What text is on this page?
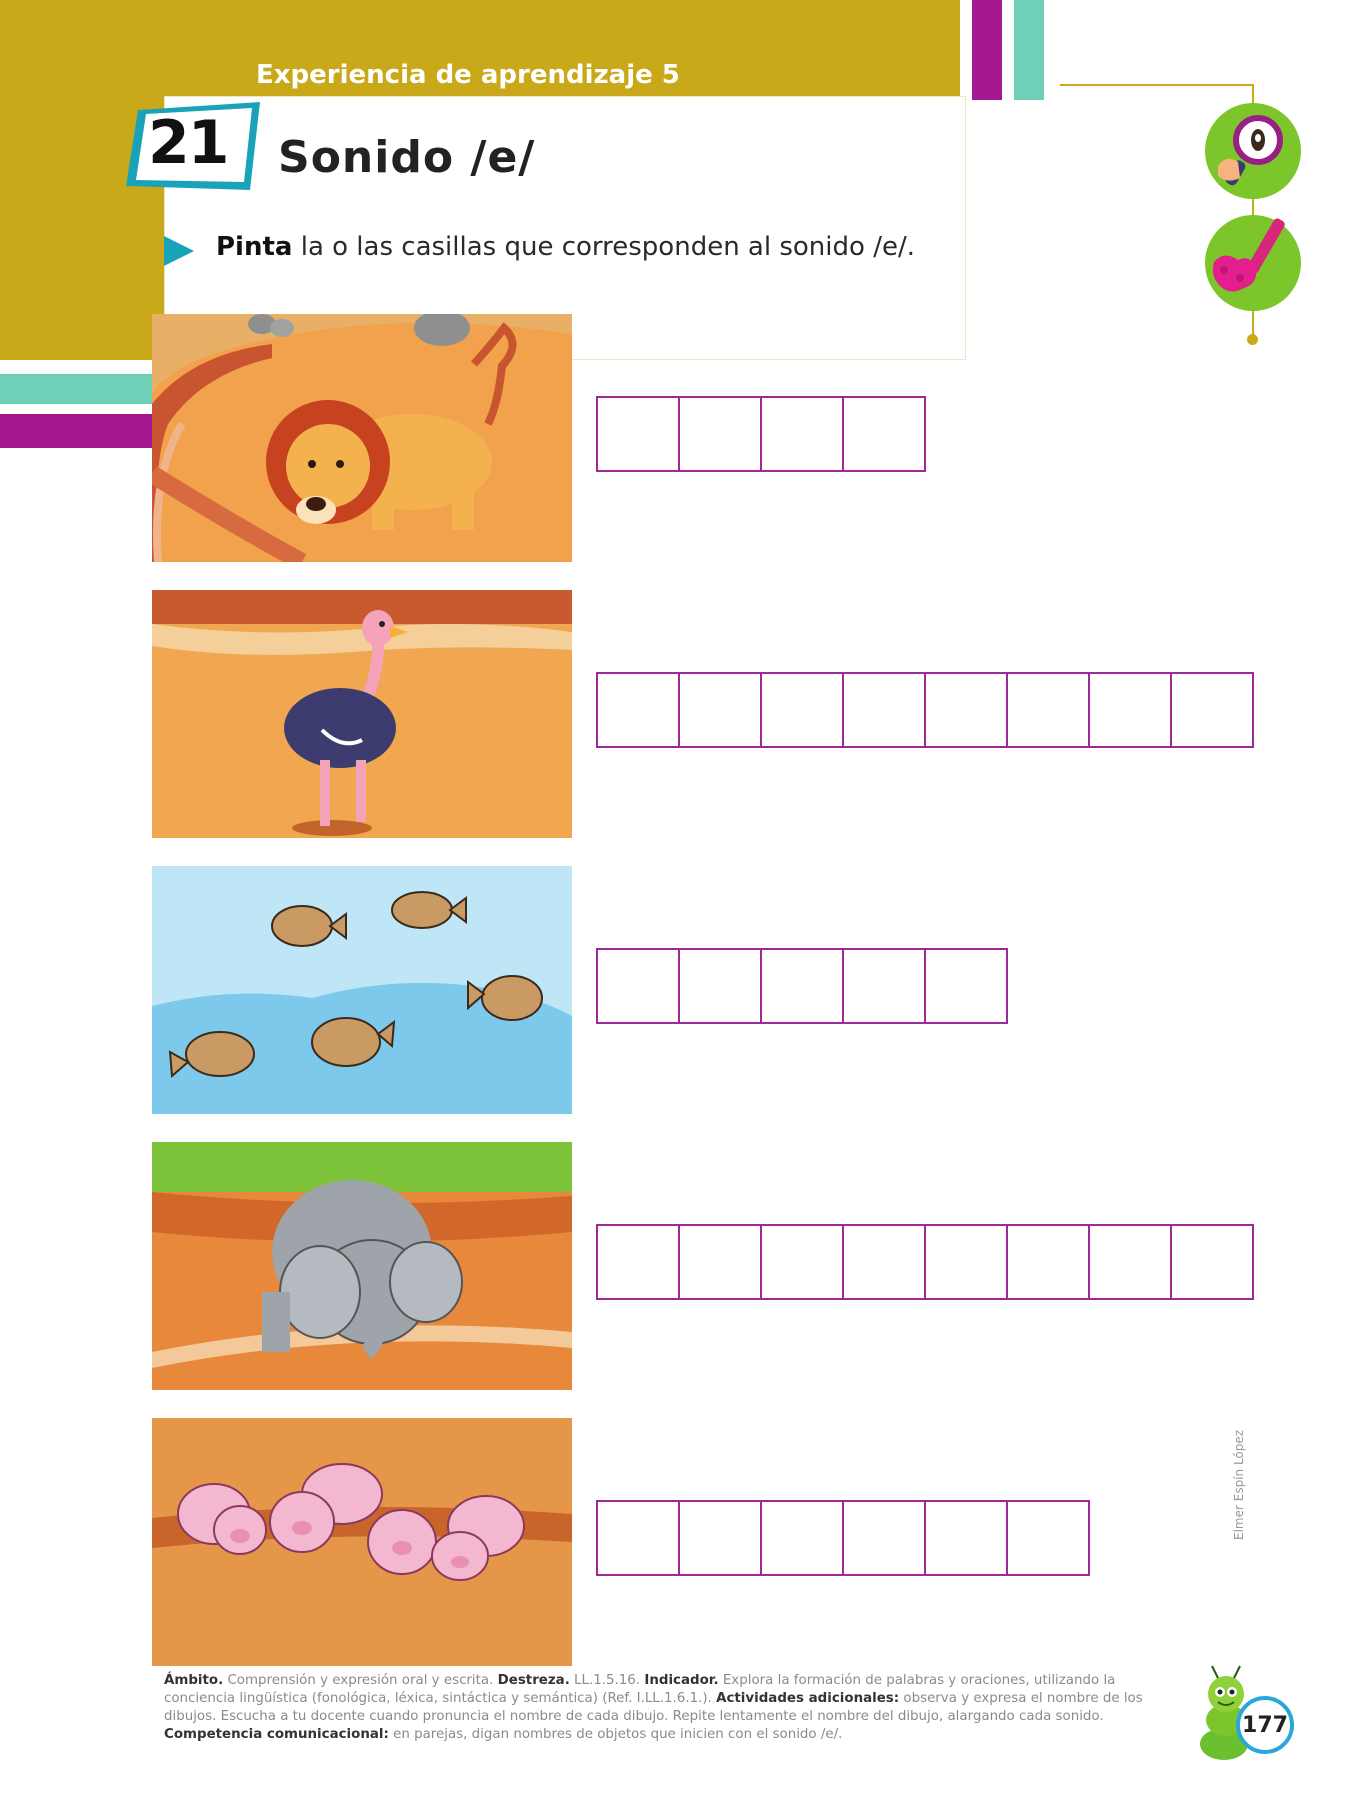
Experiencia de aprendizaje 5
21 Sonido /e/
Pinta la o las casillas que corresponden al sonido /e/.
Elmer Espín López
Ámbito. Comprensión y expresión oral y escrita. Destreza. LL.1.5.16. Indicador. Explora la formación de palabras y oraciones, utilizando la conciencia lingüística (fonológica, léxica, sintáctica y semántica) (Ref. I.LL.1.6.1.). Actividades adicionales: observa y expresa el nombre de los dibujos. Escucha a tu docente cuando pronuncia el nombre de cada dibujo. Repite lentamente el nombre del dibujo, alargando cada sonido. Competencia comunicacional: en parejas, digan nombres de objetos que inicien con el sonido /e/.	177
